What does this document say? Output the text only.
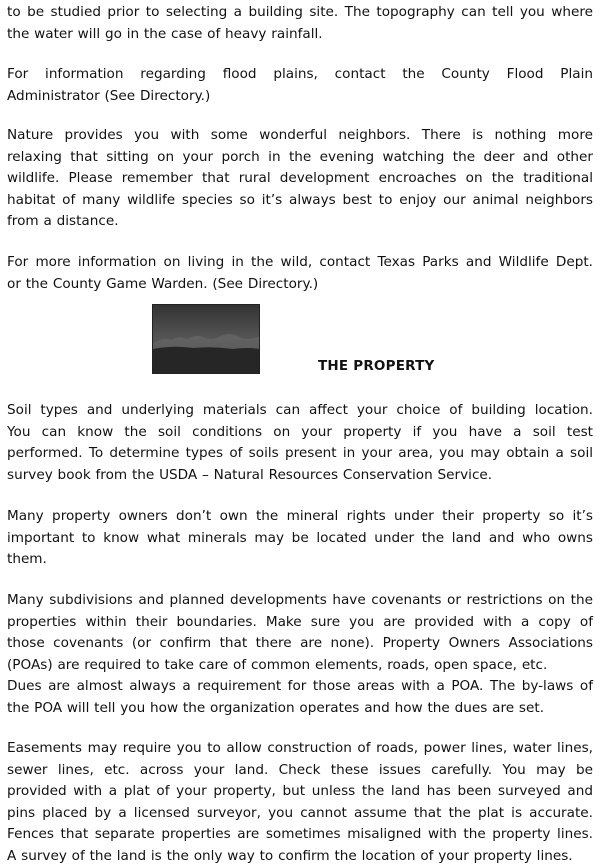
to be studied prior to selecting a building site. The topography can tell you where
the water will go in the case of heavy rainfall.

For information regarding flood plains, contact the County Flood Plain
Administrator (See Directory.)

Nature provides you with some wonderful neighbors. There is nothing more
relaxing that sitting on your porch in the evening watching the deer and other
wildlife. Please remember that rural development encroaches on the traditional
habitat of many wildlife species so it’s always best to enjoy our animal neighbors
from a distance.

For more information on living in the wild, contact Texas Parks and Wildlife Dept.
or the County Game Warden. (See Directory.)

THE PROPERTY

Soil types and underlying materials can affect your choice of building location.
You can know the soil conditions on your property if you have a soil test
performed. To determine types of soils present in your area, you may obtain a soil
survey book from the USDA – Natural Resources Conservation Service.

Many property owners don’t own the mineral rights under their property so it’s
important to know what minerals may be located under the land and who owns
them.

Many subdivisions and planned developments have covenants or restrictions on the
properties within their boundaries. Make sure you are provided with a copy of
those covenants (or confirm that there are none). Property Owners Associations
(POAs) are required to take care of common elements, roads, open space, etc.
Dues are almost always a requirement for those areas with a POA. The by-laws of
the POA will tell you how the organization operates and how the dues are set.

Easements may require you to allow construction of roads, power lines, water lines,
sewer lines, etc. across your land. Check these issues carefully. You may be
provided with a plat of your property, but unless the land has been surveyed and
pins placed by a licensed surveyor, you cannot assume that the plat is accurate.
Fences that separate properties are sometimes misaligned with the property lines.
A survey of the land is the only way to confirm the location of your property lines.
